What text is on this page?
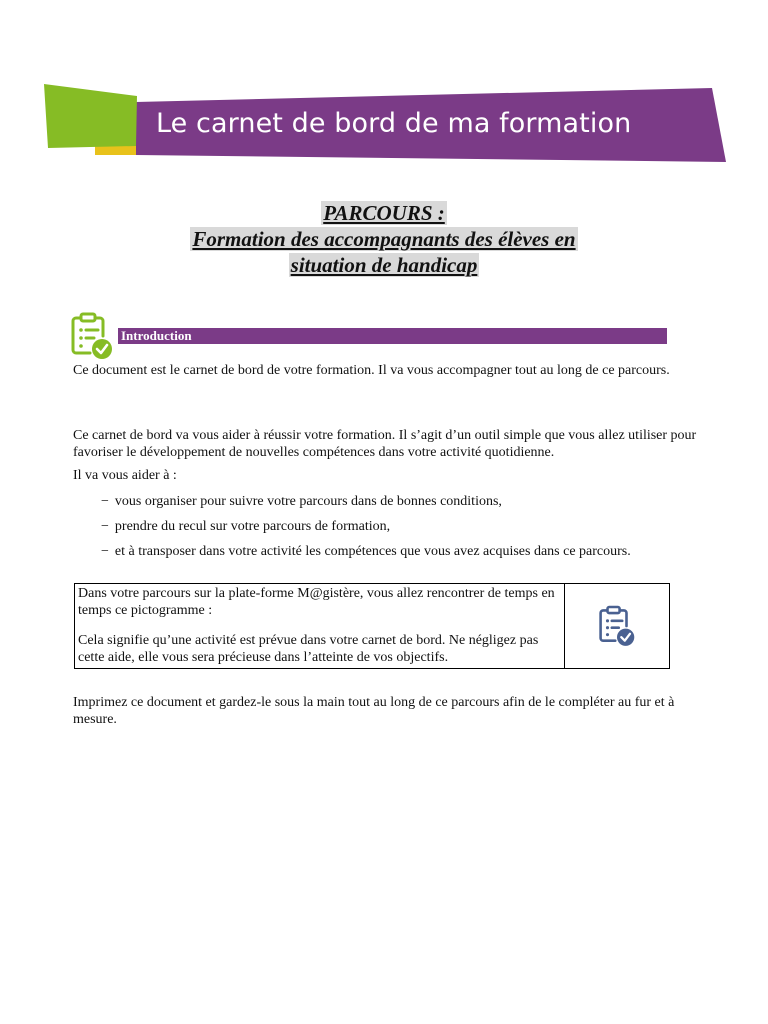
Le carnet de bord de ma formation
PARCOURS :
Formation des accompagnants des élèves en
situation de handicap
Introduction
Ce document est le carnet de bord de votre formation. Il va vous accompagner tout au long de ce parcours.
Ce carnet de bord va vous aider à réussir votre formation. Il s’agit d’un outil simple que vous allez utiliser pour favoriser le développement de nouvelles compétences dans votre activité quotidienne.
Il va vous aider à :
− vous organiser pour suivre votre parcours dans de bonnes conditions,
− prendre du recul sur votre parcours de formation,
− et à transposer dans votre activité les compétences que vous avez acquises dans ce parcours.
Dans votre parcours sur la plate-forme M@gistère, vous allez rencontrer de temps en temps ce pictogramme :
Cela signifie qu’une activité est prévue dans votre carnet de bord. Ne négligez pas cette aide, elle vous sera précieuse dans l’atteinte de vos objectifs.
Imprimez ce document et gardez-le sous la main tout au long de ce parcours afin de le compléter au fur et à mesure.
